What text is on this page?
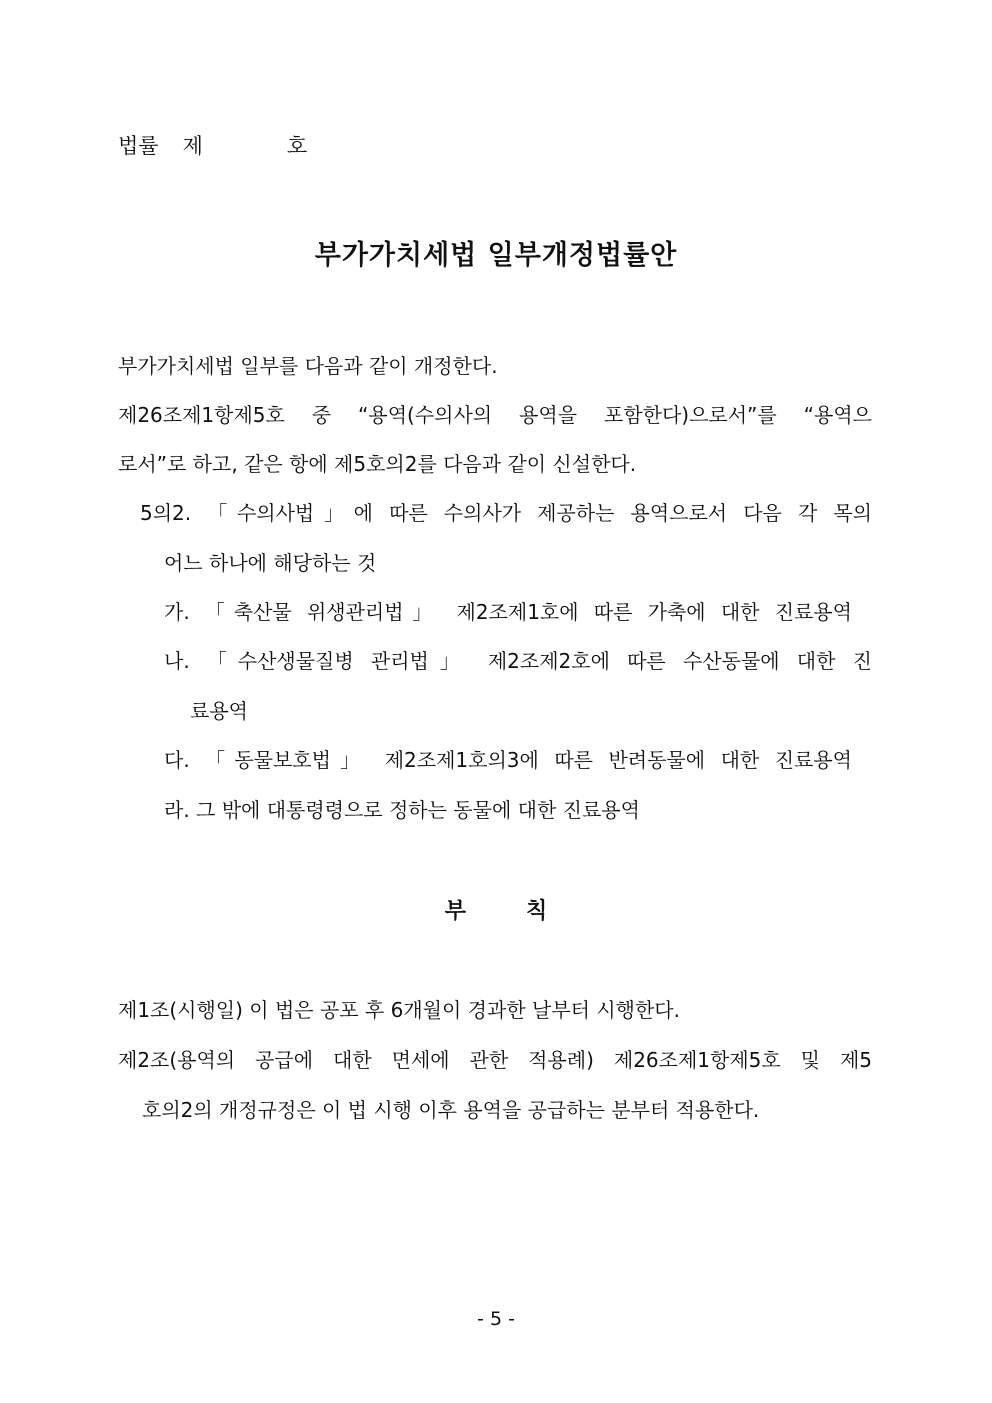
법률 제	호
부가가치세법 일부개정법률안
부가가치세법 일부를 다음과 같이 개정한다.
제26조제1항제5호 중 “용역(수의사의 용역을 포함한다)으로서”를 “용역으
로서”로 하고, 같은 항에 제5호의2를 다음과 같이 신설한다.
5의2. 「수의사법」에 따른 수의사가 제공하는 용역으로서 다음 각 목의
어느 하나에 해당하는 것
가. 「축산물 위생관리법」 제2조제1호에 따른 가축에 대한 진료용역
나. 「수산생물질병 관리법」 제2조제2호에 따른 수산동물에 대한 진
료용역
다. 「동물보호법」 제2조제1호의3에 따른 반려동물에 대한 진료용역
라. 그 밖에 대통령령으로 정하는 동물에 대한 진료용역
부	칙
제1조(시행일) 이 법은 공포 후 6개월이 경과한 날부터 시행한다.
제2조(용역의 공급에 대한 면세에 관한 적용례) 제26조제1항제5호 및 제5
호의2의 개정규정은 이 법 시행 이후 용역을 공급하는 분부터 적용한다.
- 5 -
